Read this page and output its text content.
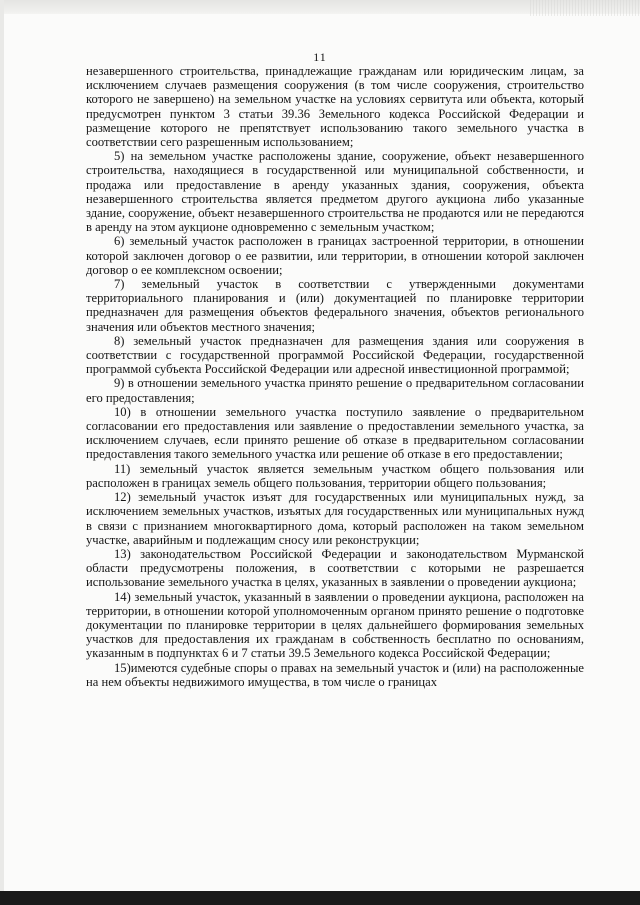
11

незавершенного строительства, принадлежащие гражданам или юридическим лицам, за исключением случаев размещения сооружения (в том числе сооружения, строительство которого не завершено) на земельном участке на условиях сервитута или объекта, который предусмотрен пунктом 3 статьи 39.36 Земельного кодекса Российской Федерации и размещение которого не препятствует использованию такого земельного участка в соответствии сего разрешенным использованием;

5) на земельном участке расположены здание, сооружение, объект незавершенного строительства, находящиеся в государственной или муниципальной собственности, и продажа или предоставление в аренду указанных здания, сооружения, объекта незавершенного строительства является предметом другого аукциона либо указанные здание, сооружение, объект незавершенного строительства не продаются или не передаются в аренду на этом аукционе одновременно с земельным участком;

6) земельный участок расположен в границах застроенной территории, в отношении которой заключен договор о ее развитии, или территории, в отношении которой заключен договор о ее комплексном освоении;

7) земельный участок в соответствии с утвержденными документами территориального планирования и (или) документацией по планировке территории предназначен для размещения объектов федерального значения, объектов регионального значения или объектов местного значения;

8) земельный участок предназначен для размещения здания или сооружения в соответствии с государственной программой Российской Федерации, государственной программой субъекта Российской Федерации или адресной инвестиционной программой;

9) в отношении земельного участка принято решение о предварительном согласовании его предоставления;

10) в отношении земельного участка поступило заявление о предварительном согласовании его предоставления или заявление о предоставлении земельного участка, за исключением случаев, если принято решение об отказе в предварительном согласовании предоставления такого земельного участка или решение об отказе в его предоставлении;

11) земельный участок является земельным участком общего пользования или расположен в границах земель общего пользования, территории общего пользования;

12) земельный участок изъят для государственных или муниципальных нужд, за исключением земельных участков, изъятых для государственных или муниципальных нужд в связи с признанием многоквартирного дома, который расположен на таком земельном участке, аварийным и подлежащим сносу или реконструкции;

13) законодательством Российской Федерации и законодательством Мурманской области предусмотрены положения, в соответствии с которыми не разрешается использование земельного участка в целях, указанных в заявлении о проведении аукциона;

14) земельный участок, указанный в заявлении о проведении аукциона, расположен на территории, в отношении которой уполномоченным органом принято решение о подготовке документации по планировке территории в целях дальнейшего формирования земельных участков для предоставления их гражданам в собственность бесплатно по основаниям, указанным в подпунктах 6 и 7 статьи 39.5 Земельного кодекса Российской Федерации;

15)имеются судебные споры о правах на земельный участок и (или) на расположенные на нем объекты недвижимого имущества, в том числе о границах
